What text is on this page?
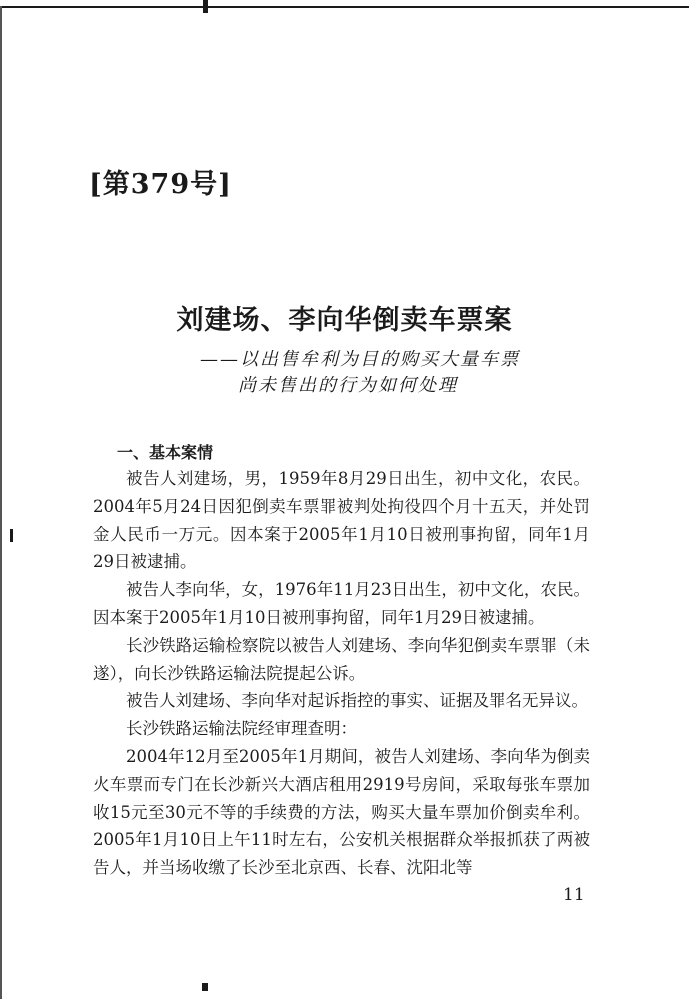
[第379号]
刘建场、李向华倒卖车票案
——以出售牟利为目的购买大量车票
尚未售出的行为如何处理
一、基本案情

被告人刘建场，男，1959年8月29日出生，初中文化，农民。2004年5月24日因犯倒卖车票罪被判处拘役四个月十五天，并处罚金人民币一万元。因本案于2005年1月10日被刑事拘留，同年1月29日被逮捕。

被告人李向华，女，1976年11月23日出生，初中文化，农民。因本案于2005年1月10日被刑事拘留，同年1月29日被逮捕。

长沙铁路运输检察院以被告人刘建场、李向华犯倒卖车票罪（未遂），向长沙铁路运输法院提起公诉。

被告人刘建场、李向华对起诉指控的事实、证据及罪名无异议。

长沙铁路运输法院经审理查明：

2004年12月至2005年1月期间，被告人刘建场、李向华为倒卖火车票而专门在长沙新兴大酒店租用2919号房间，采取每张车票加收15元至30元不等的手续费的方法，购买大量车票加价倒卖牟利。2005年1月10日上午11时左右，公安机关根据群众举报抓获了两被告人，并当场收缴了长沙至北京西、长春、沈阳北等

11
